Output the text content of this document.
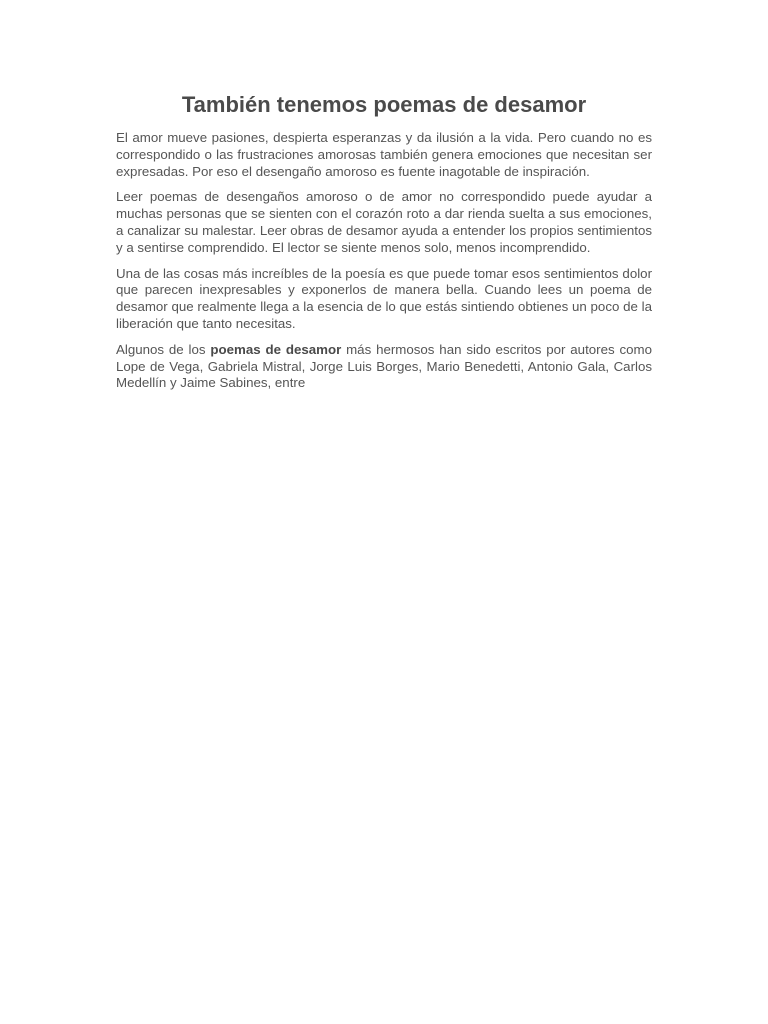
También tenemos poemas de desamor

El amor mueve pasiones, despierta esperanzas y da ilusión a la vida. Pero cuando no es correspondido o las frustraciones amorosas también genera emociones que necesitan ser expresadas. Por eso el desengaño amoroso es fuente inagotable de inspiración.

Leer poemas de desengaños amoroso o de amor no correspondido puede ayudar a muchas personas que se sienten con el corazón roto a dar rienda suelta a sus emociones, a canalizar su malestar. Leer obras de desamor ayuda a entender los propios sentimientos y a sentirse comprendido. El lector se siente menos solo, menos incomprendido.

Una de las cosas más increíbles de la poesía es que puede tomar esos sentimientos dolor que parecen inexpresables y exponerlos de manera bella. Cuando lees un poema de desamor que realmente llega a la esencia de lo que estás sintiendo obtienes un poco de la liberación que tanto necesitas.

Algunos de los poemas de desamor más hermosos han sido escritos por autores como Lope de Vega, Gabriela Mistral, Jorge Luis Borges, Mario Benedetti, Antonio Gala, Carlos Medellín y Jaime Sabines, entre
